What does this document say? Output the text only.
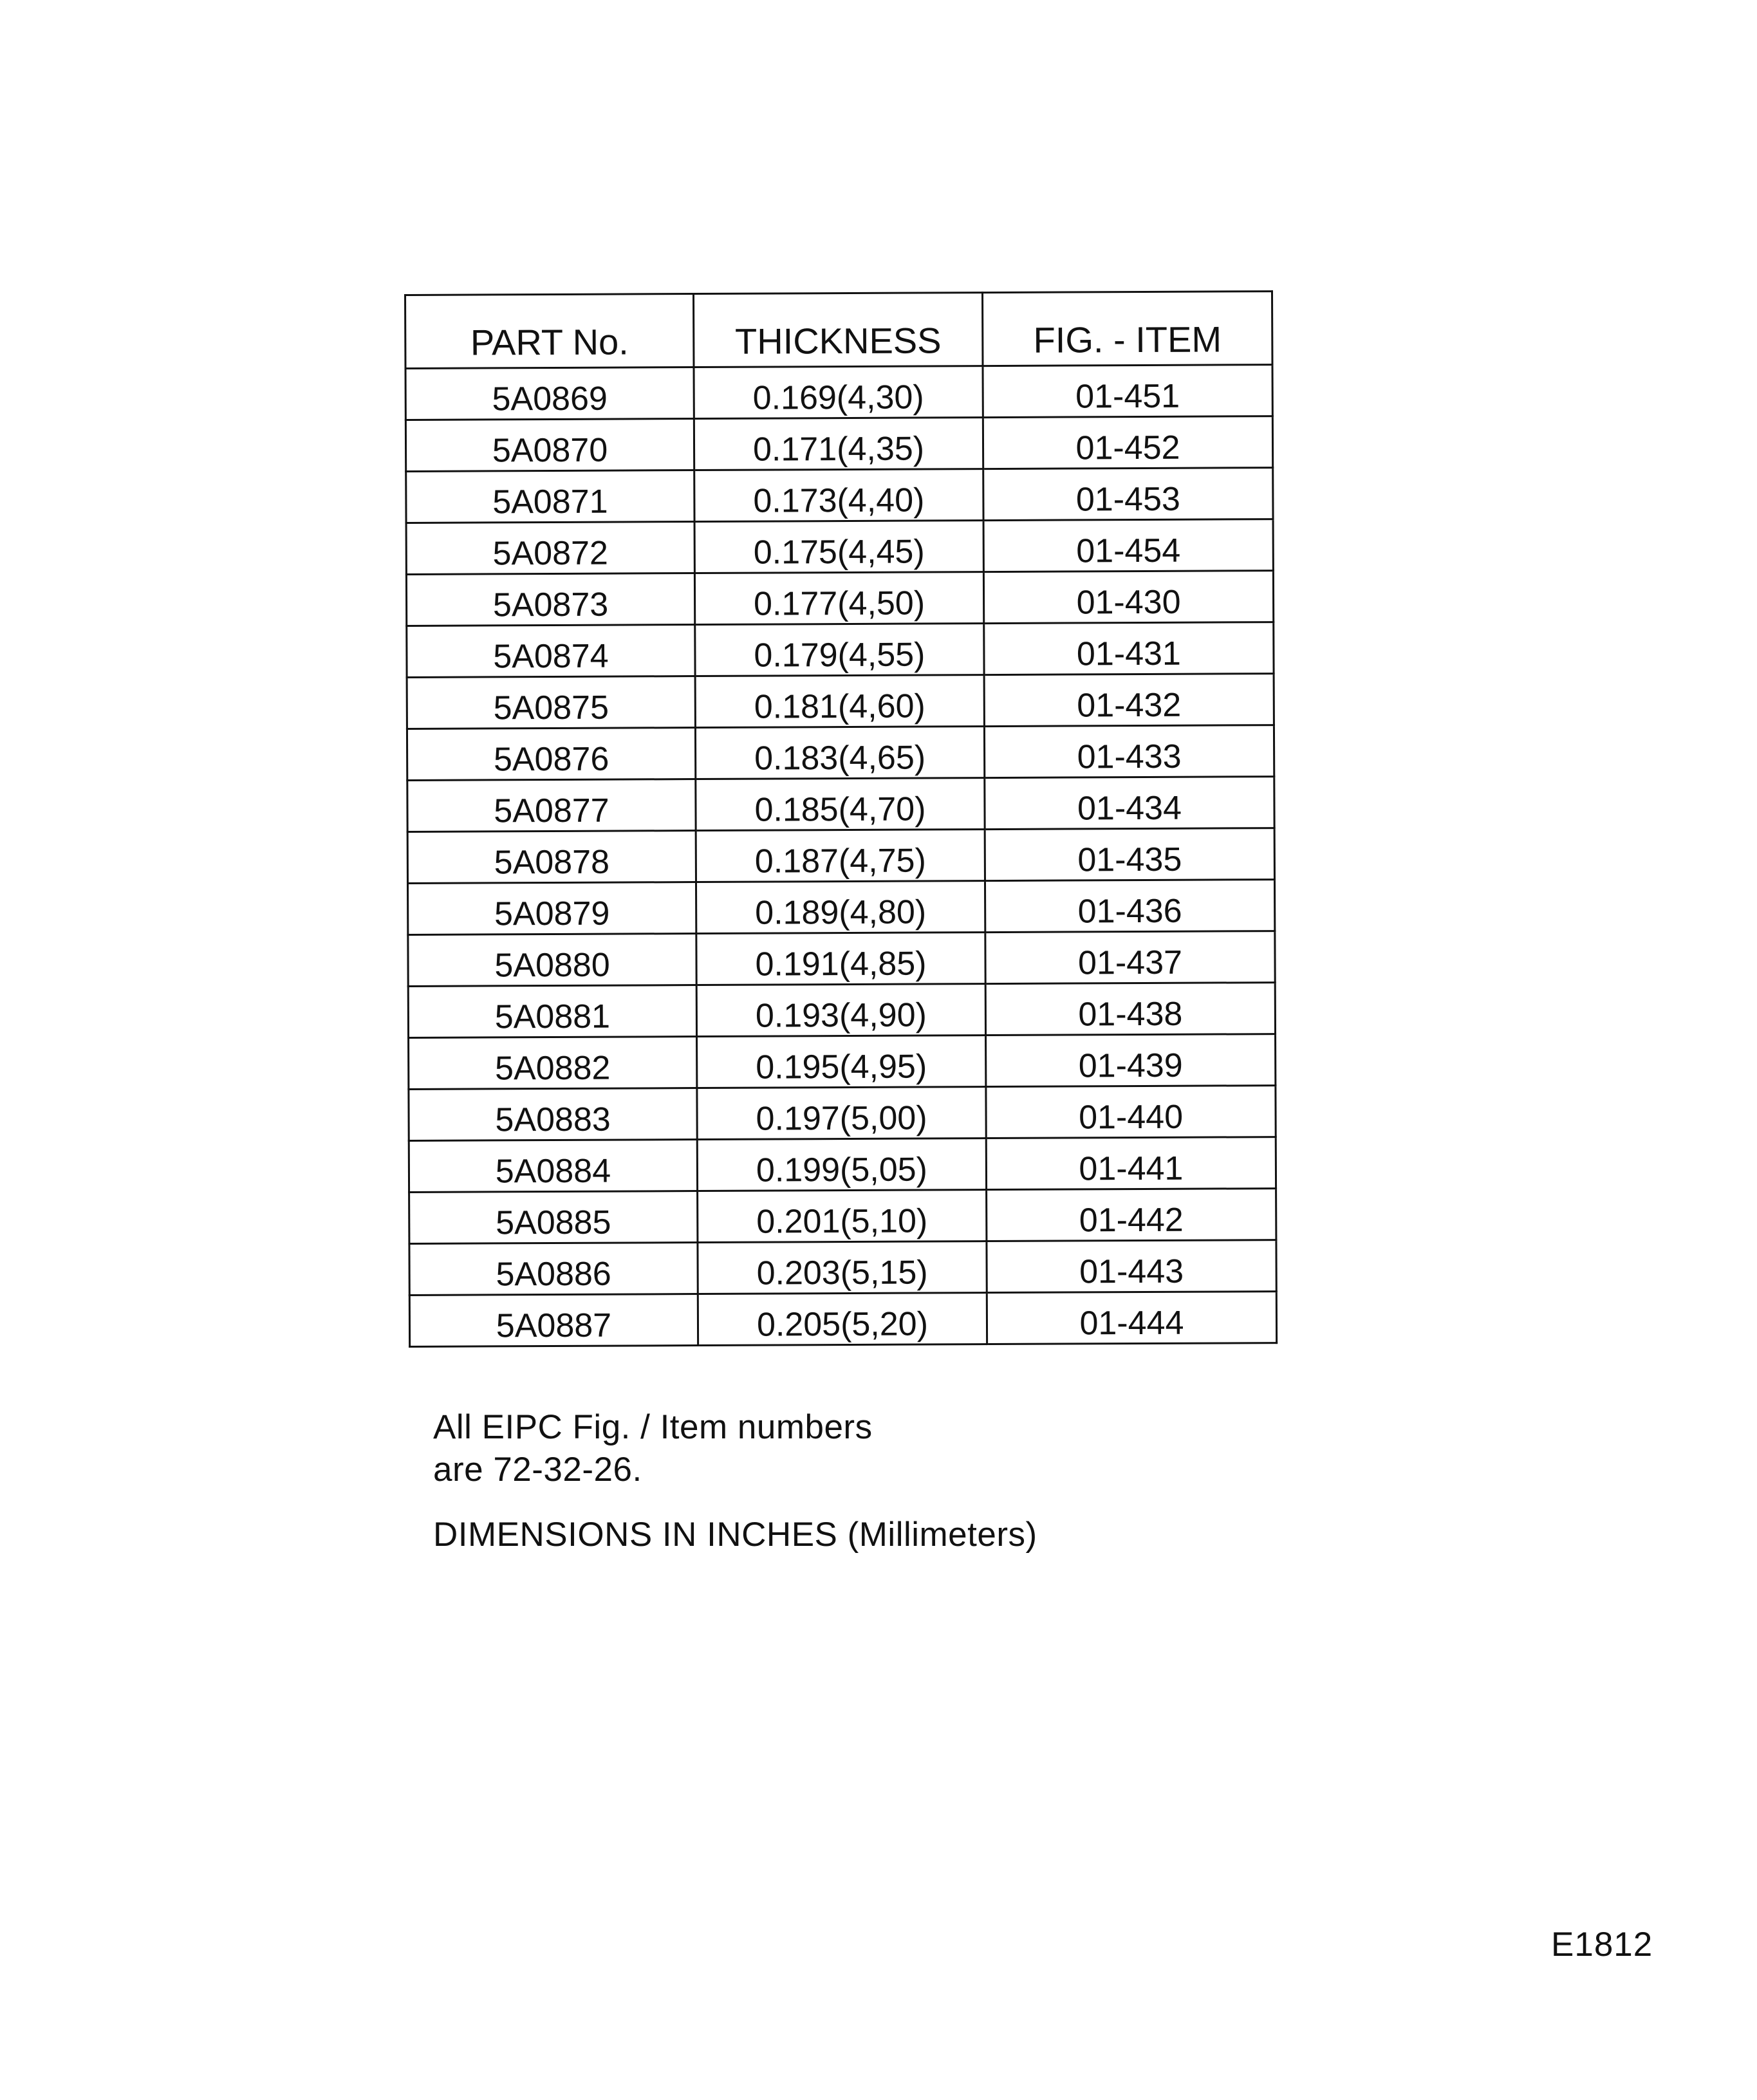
PART No.	THICKNESS	FIG. - ITEM
5A0869	0.169(4,30)	01-451
5A0870	0.171(4,35)	01-452
5A0871	0.173(4,40)	01-453
5A0872	0.175(4,45)	01-454
5A0873	0.177(4,50)	01-430
5A0874	0.179(4,55)	01-431
5A0875	0.181(4,60)	01-432
5A0876	0.183(4,65)	01-433
5A0877	0.185(4,70)	01-434
5A0878	0.187(4,75)	01-435
5A0879	0.189(4,80)	01-436
5A0880	0.191(4,85)	01-437
5A0881	0.193(4,90)	01-438
5A0882	0.195(4,95)	01-439
5A0883	0.197(5,00)	01-440
5A0884	0.199(5,05)	01-441
5A0885	0.201(5,10)	01-442
5A0886	0.203(5,15)	01-443
5A0887	0.205(5,20)	01-444

All EIPC Fig. / Item numbers
are 72-32-26.

DIMENSIONS IN INCHES (Millimeters)

E1812
